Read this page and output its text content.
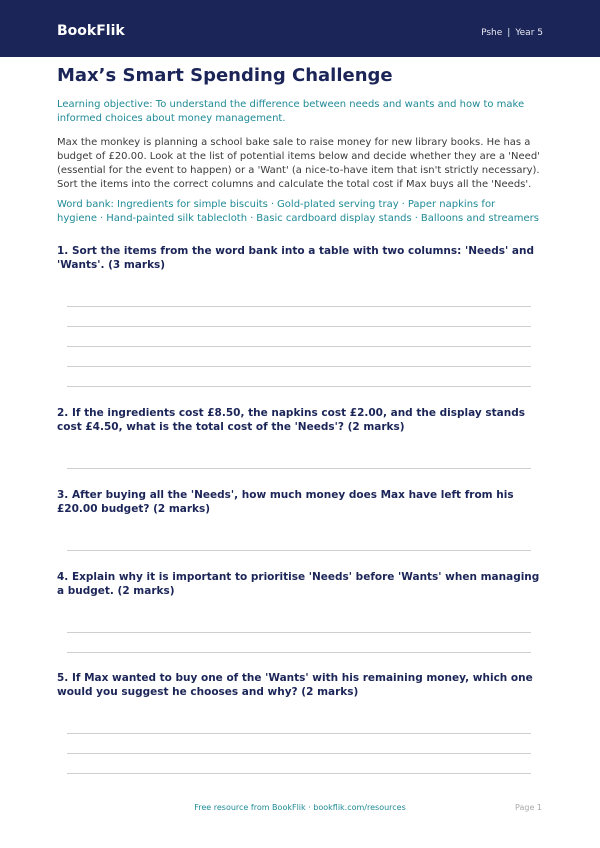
BookFlik	Pshe | Year 5
Max’s Smart Spending Challenge

Learning objective: To understand the difference between needs and wants and how to make informed choices about money management.

Max the monkey is planning a school bake sale to raise money for new library books. He has a budget of £20.00. Look at the list of potential items below and decide whether they are a 'Need' (essential for the event to happen) or a 'Want' (a nice-to-have item that isn't strictly necessary). Sort the items into the correct columns and calculate the total cost if Max buys all the 'Needs'.

Word bank: Ingredients for simple biscuits · Gold-plated serving tray · Paper napkins for hygiene · Hand-painted silk tablecloth · Basic cardboard display stands · Balloons and streamers

1. Sort the items from the word bank into a table with two columns: 'Needs' and 'Wants'. (3 marks)

2. If the ingredients cost £8.50, the napkins cost £2.00, and the display stands cost £4.50, what is the total cost of the 'Needs'? (2 marks)

3. After buying all the 'Needs', how much money does Max have left from his £20.00 budget? (2 marks)

4. Explain why it is important to prioritise 'Needs' before 'Wants' when managing a budget. (2 marks)

5. If Max wanted to buy one of the 'Wants' with his remaining money, which one would you suggest he chooses and why? (2 marks)

Free resource from BookFlik · bookflik.com/resources	Page 1
